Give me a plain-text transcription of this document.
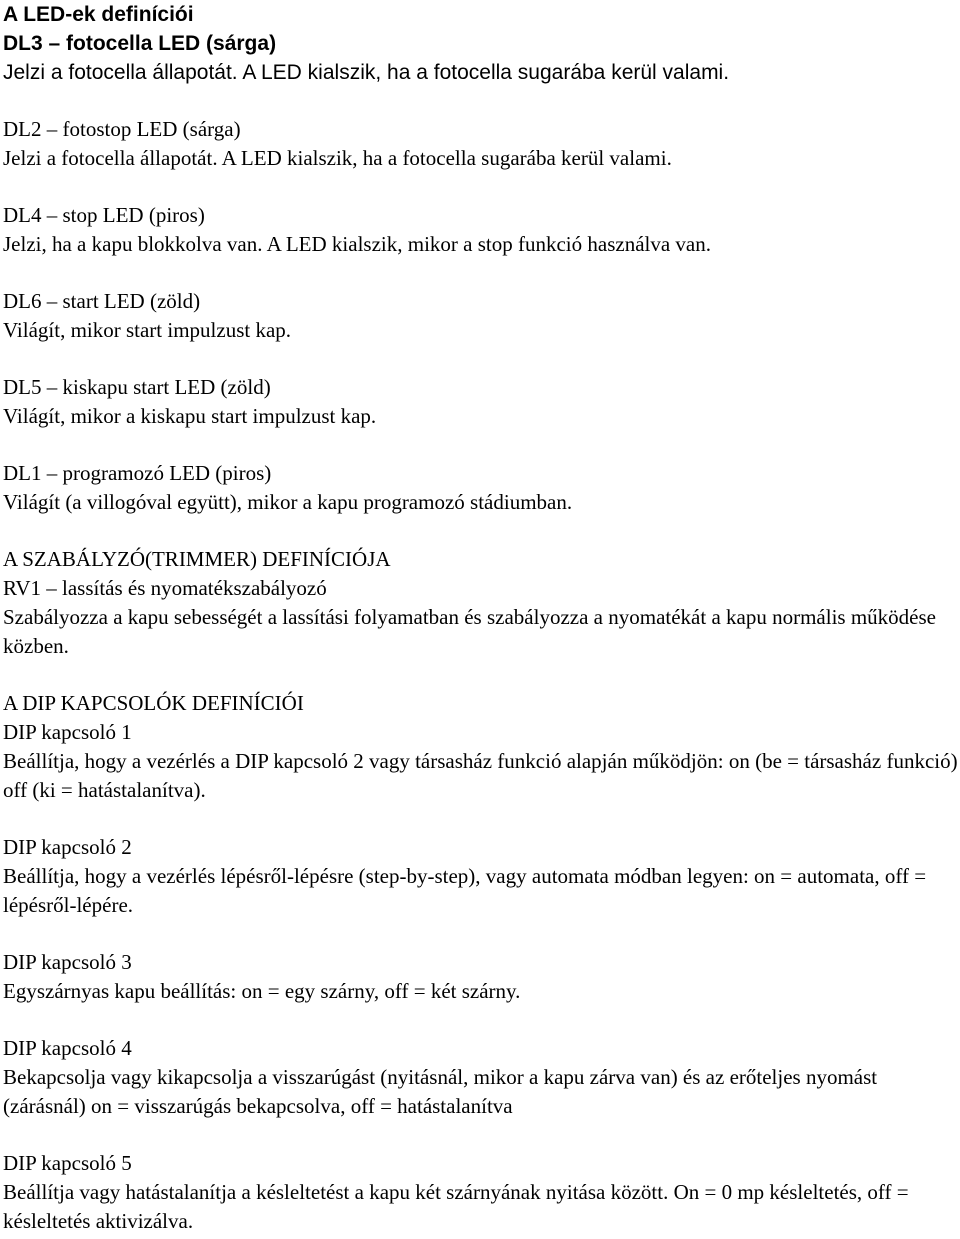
A LED-ek definíciói
DL3 – fotocella LED (sárga)
Jelzi a fotocella állapotát. A LED kialszik, ha a fotocella sugarába kerül valami.
DL2 – fotostop LED (sárga)
Jelzi a fotocella állapotát. A LED kialszik, ha a fotocella sugarába kerül valami.
DL4 – stop LED (piros)
Jelzi, ha a kapu blokkolva van. A LED kialszik, mikor a stop funkció használva van.
DL6 – start LED (zöld)
Világít, mikor start impulzust kap.
DL5 – kiskapu start LED (zöld)
Világít, mikor a kiskapu start impulzust kap.
DL1 – programozó LED (piros)
Világít (a villogóval együtt), mikor a kapu programozó stádiumban.
A SZABÁLYZÓ(TRIMMER) DEFINÍCIÓJA
RV1 – lassítás és nyomatékszabályozó

Szabályozza a kapu sebességét a lassítási folyamatban és szabályozza a nyomatékát a kapu normális működése közben.

A DIP KAPCSOLÓK DEFINÍCIÓI
DIP kapcsoló 1

Beállítja, hogy a vezérlés a DIP kapcsoló 2 vagy társasház funkció alapján működjön: on (be = társasház funkció) off (ki = hatástalanítva).

DIP kapcsoló 2

Beállítja, hogy a vezérlés lépésről-lépésre (step-by-step), vagy automata módban legyen: on = automata, off = lépésről-lépére.

DIP kapcsoló 3

Egyszárnyas kapu beállítás: on = egy szárny, off = két szárny.

DIP kapcsoló 4

Bekapcsolja vagy kikapcsolja a visszarúgást (nyitásnál, mikor a kapu zárva van) és az erőteljes nyomást (zárásnál) on = visszarúgás bekapcsolva, off = hatástalanítva

DIP kapcsoló 5

Beállítja vagy hatástalanítja a késleltetést a kapu két szárnyának nyitása között. On = 0 mp késleltetés, off = késleltetés aktivizálva.
